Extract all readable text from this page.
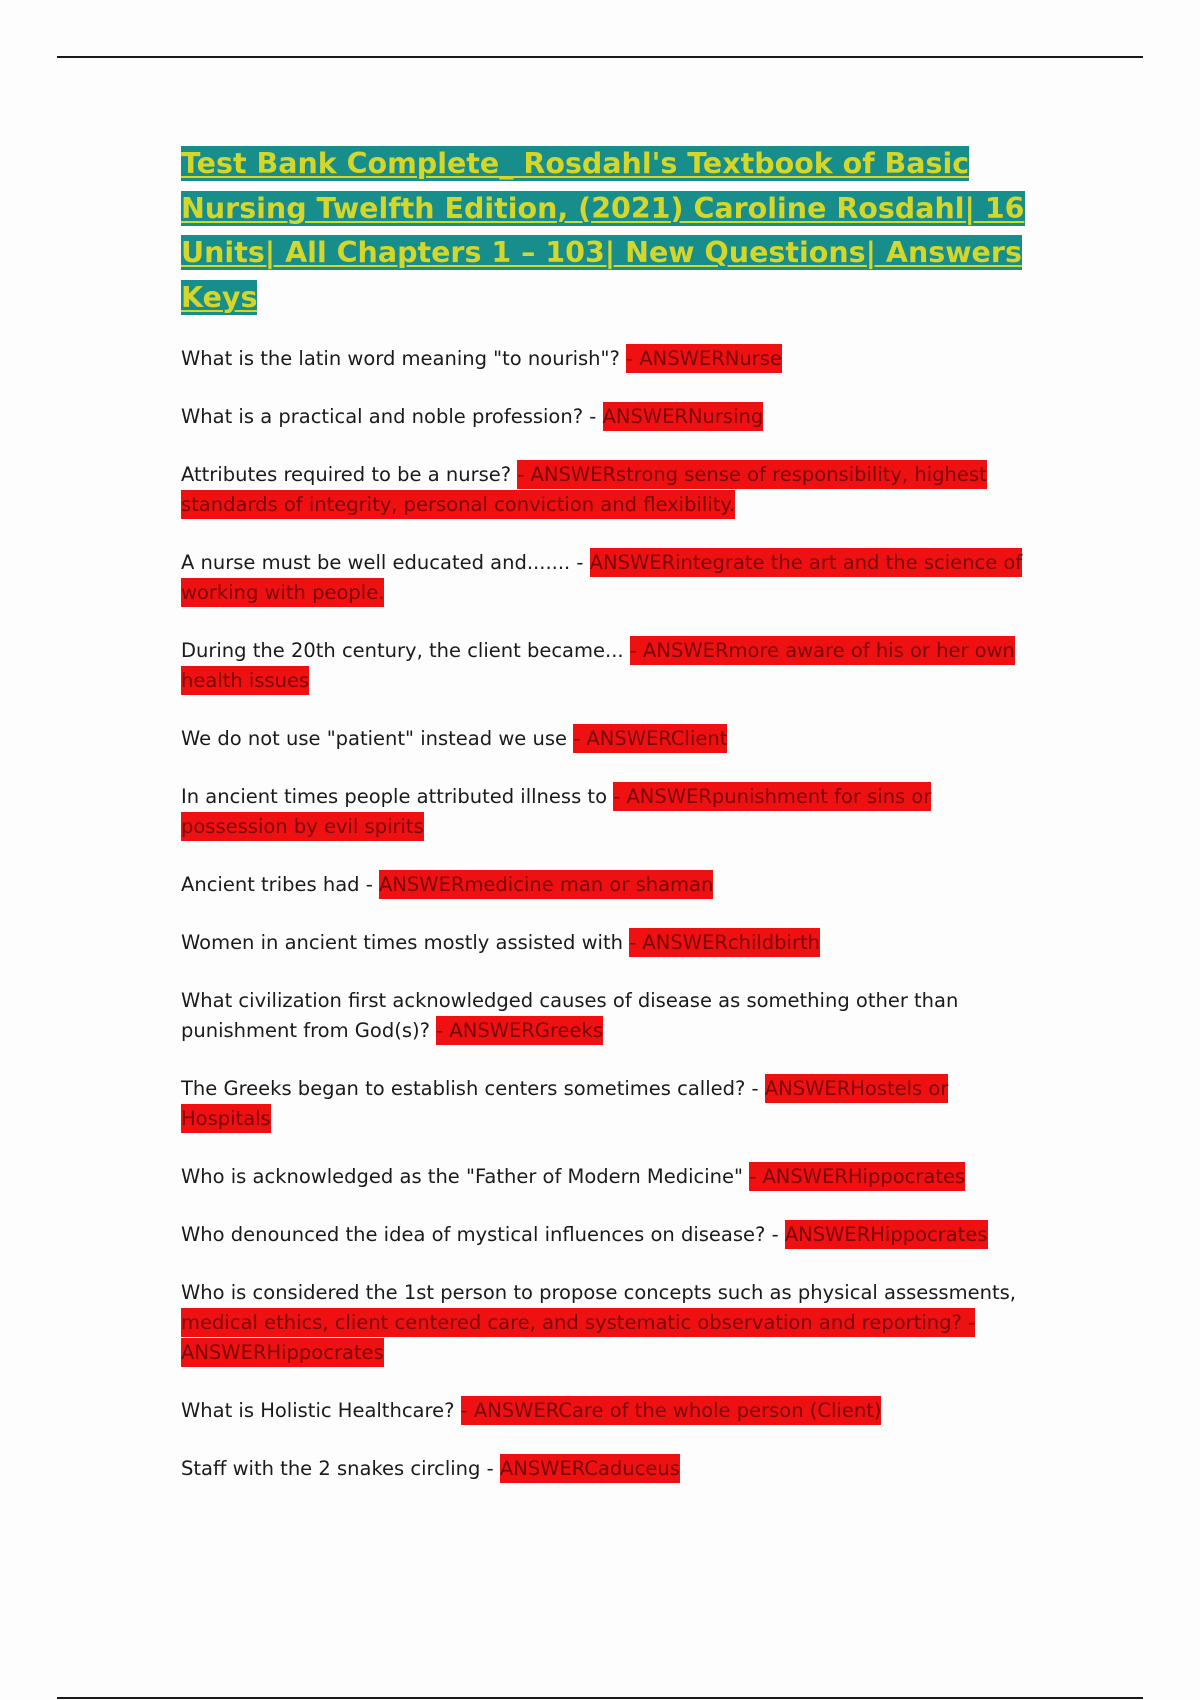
Test Bank Complete_ Rosdahl's Textbook of Basic Nursing Twelfth Edition, (2021) Caroline Rosdahl| 16 Units| All Chapters 1 – 103| New Questions| Answers Keys

What is the latin word meaning "to nourish"? - ANSWERNurse

What is a practical and noble profession? - ANSWERNursing

Attributes required to be a nurse? - ANSWERstrong sense of responsibility, highest standards of integrity, personal conviction and flexibility.

A nurse must be well educated and....... - ANSWERintegrate the art and the science of working with people.

During the 20th century, the client became... - ANSWERmore aware of his or her own health issues

We do not use "patient" instead we use - ANSWERClient

In ancient times people attributed illness to - ANSWERpunishment for sins or possession by evil spirits

Ancient tribes had - ANSWERmedicine man or shaman

Women in ancient times mostly assisted with - ANSWERchildbirth

What civilization first acknowledged causes of disease as something other than punishment from God(s)? - ANSWERGreeks

The Greeks began to establish centers sometimes called? - ANSWERHostels or Hospitals

Who is acknowledged as the "Father of Modern Medicine" - ANSWERHippocrates

Who denounced the idea of mystical influences on disease? - ANSWERHippocrates

Who is considered the 1st person to propose concepts such as physical assessments, medical ethics, client centered care, and systematic observation and reporting? - ANSWERHippocrates

What is Holistic Healthcare? - ANSWERCare of the whole person (Client)

Staff with the 2 snakes circling - ANSWERCaduceus
